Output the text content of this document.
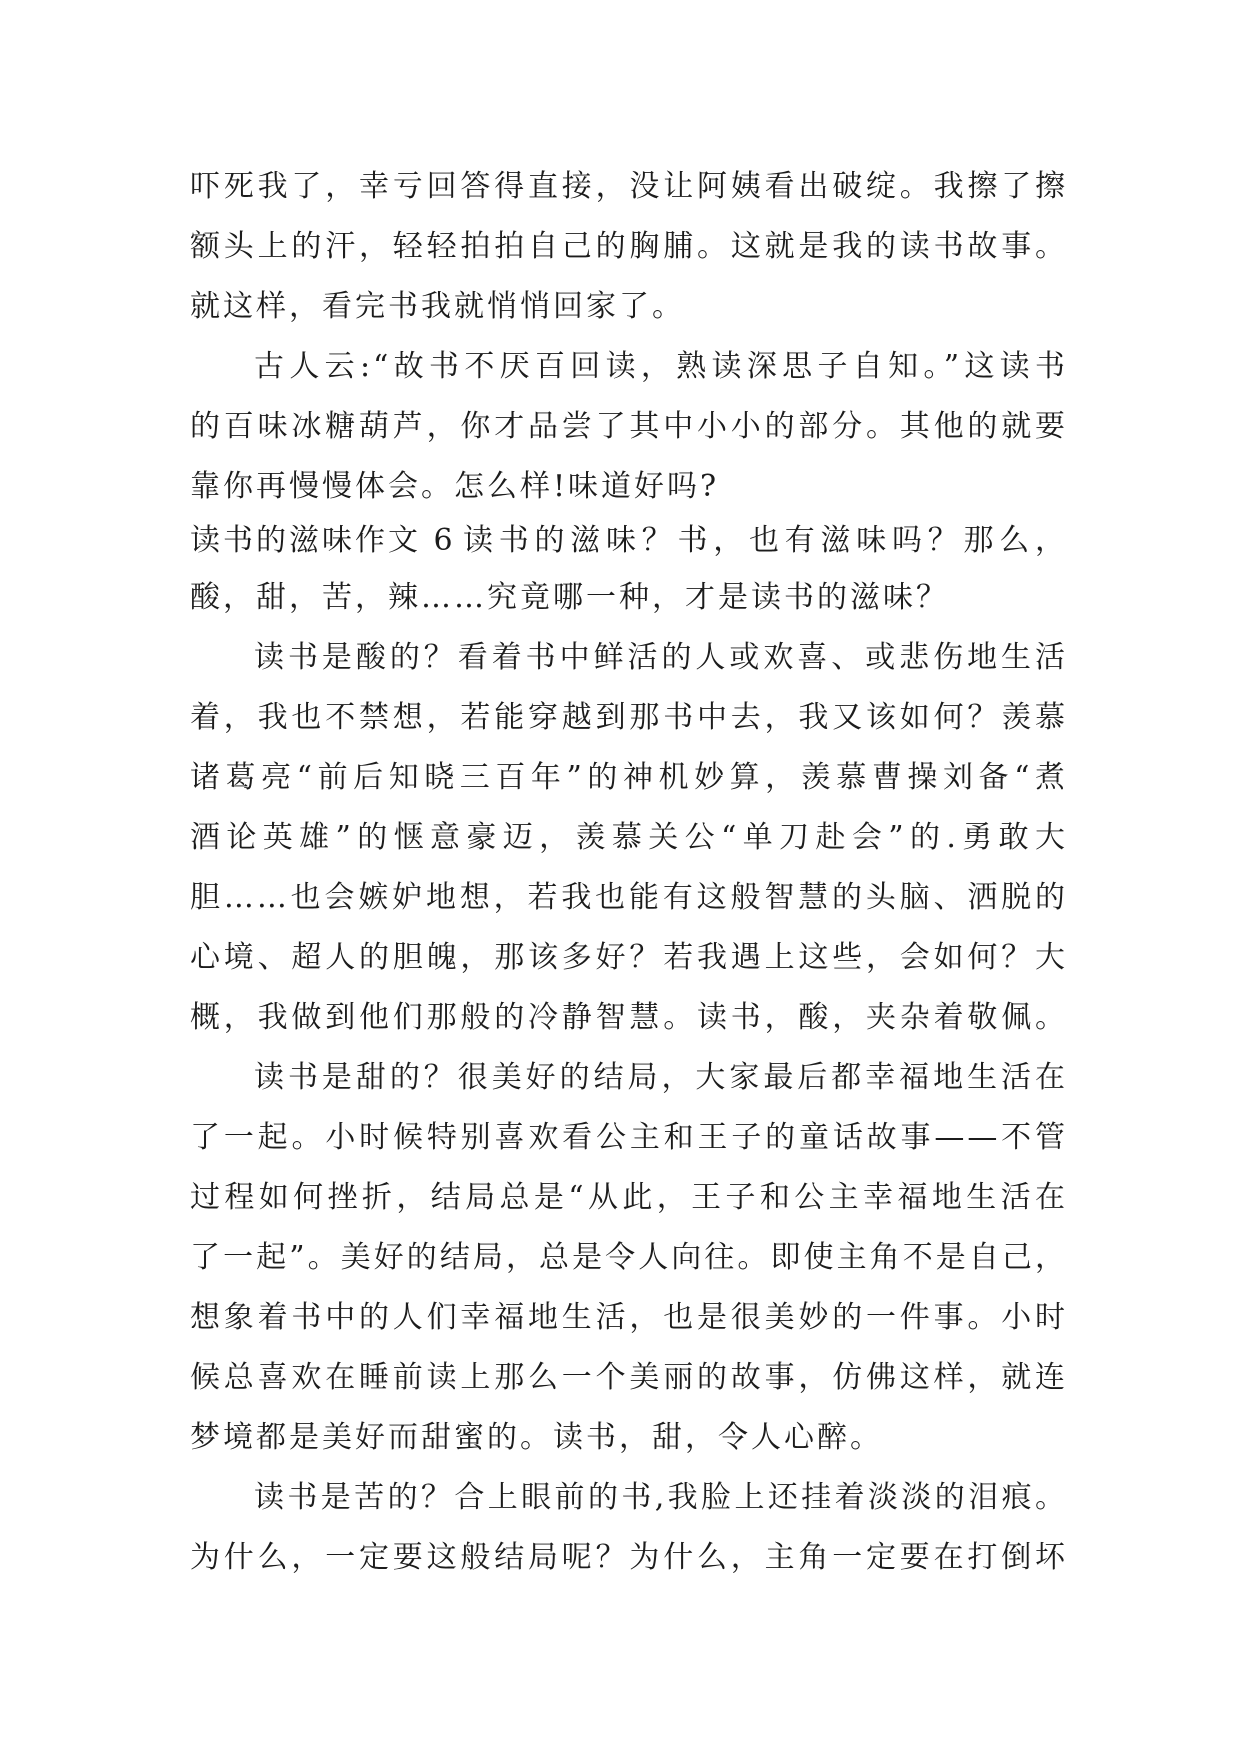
吓死我了，幸亏回答得直接，没让阿姨看出破绽。我擦了擦
额头上的汗，轻轻拍拍自己的胸脯。这就是我的读书故事。
就这样，看完书我就悄悄回家了。
古人云:“故书不厌百回读，熟读深思子自知。”这读书
的百味冰糖葫芦，你才品尝了其中小小的部分。其他的就要
靠你再慢慢体会。怎么样!味道好吗?
读书的滋味作文 6 读书的滋味？书，也有滋味吗？那么，
酸，甜，苦，辣……究竟哪一种，才是读书的滋味？
读书是酸的？看着书中鲜活的人或欢喜、或悲伤地生活
着，我也不禁想，若能穿越到那书中去，我又该如何？羡慕
诸葛亮“前后知晓三百年”的神机妙算，羡慕曹操刘备“煮
酒论英雄”的惬意豪迈，羡慕关公“单刀赴会”的.勇敢大
胆……也会嫉妒地想，若我也能有这般智慧的头脑、洒脱的
心境、超人的胆魄，那该多好？若我遇上这些，会如何？大
概，我做到他们那般的冷静智慧。读书，酸，夹杂着敬佩。
读书是甜的？很美好的结局，大家最后都幸福地生活在
了一起。小时候特别喜欢看公主和王子的童话故事——不管
过程如何挫折，结局总是“从此，王子和公主幸福地生活在
了一起”。美好的结局，总是令人向往。即使主角不是自己，
想象着书中的人们幸福地生活，也是很美妙的一件事。小时
候总喜欢在睡前读上那么一个美丽的故事，仿佛这样，就连
梦境都是美好而甜蜜的。读书，甜，令人心醉。
读书是苦的？合上眼前的书,我脸上还挂着淡淡的泪痕。
为什么，一定要这般结局呢？为什么，主角一定要在打倒坏
